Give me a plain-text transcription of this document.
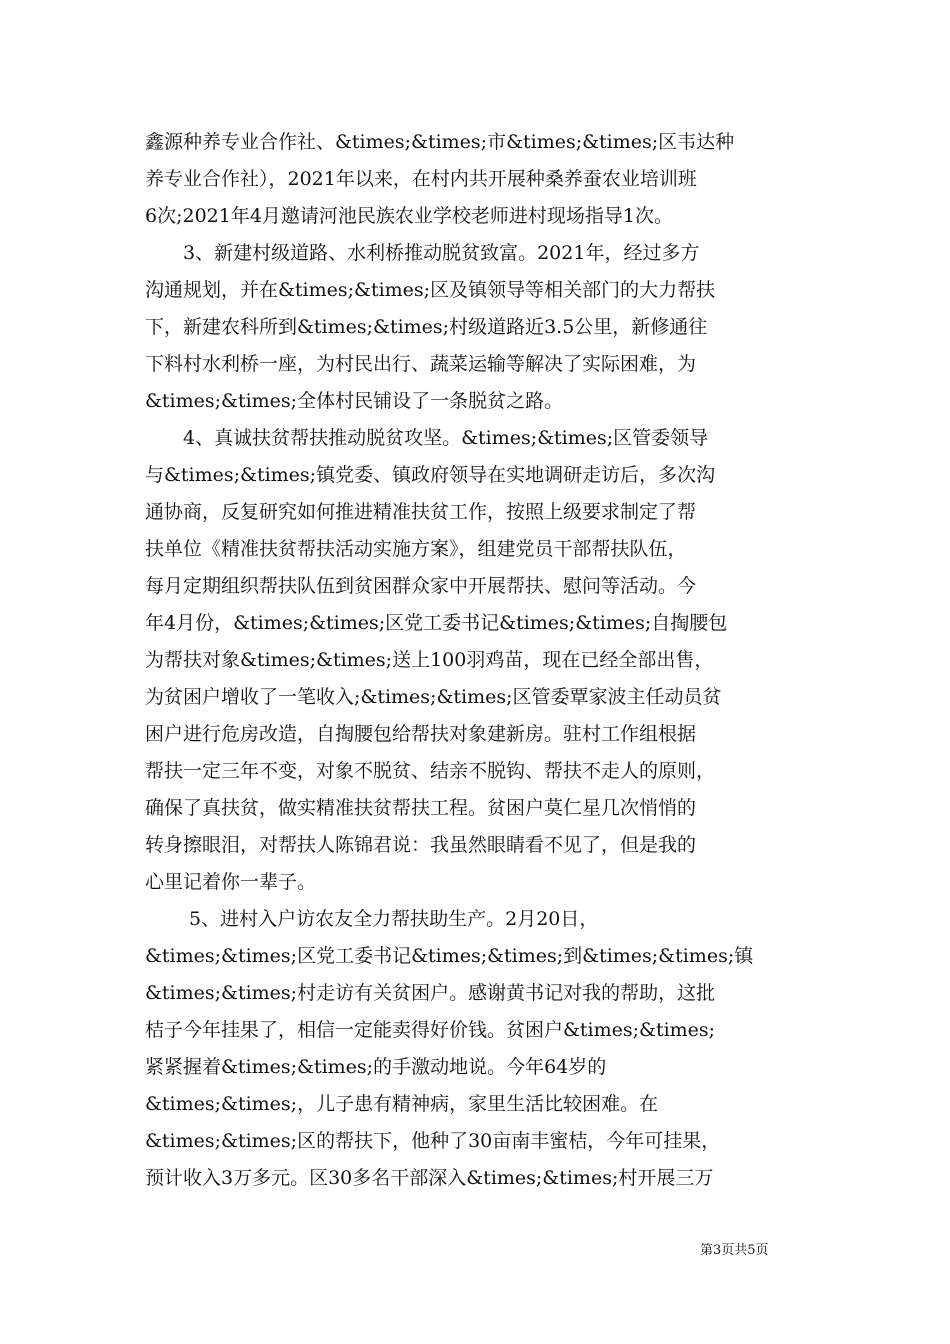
鑫源种养专业合作社、&times;&times;市&times;&times;区韦达种
养专业合作社），2021年以来，在村内共开展种桑养蚕农业培训班
6次;2021年4月邀请河池民族农业学校老师进村现场指导1次。
　　3、新建村级道路、水利桥推动脱贫致富。2021年，经过多方
沟通规划，并在&times;&times;区及镇领导等相关部门的大力帮扶
下，新建农科所到&times;&times;村级道路近3.5公里，新修通往
下料村水利桥一座，为村民出行、蔬菜运输等解决了实际困难，为
&times;&times;全体村民铺设了一条脱贫之路。
　　4、真诚扶贫帮扶推动脱贫攻坚。&times;&times;区管委领导
与&times;&times;镇党委、镇政府领导在实地调研走访后，多次沟
通协商，反复研究如何推进精准扶贫工作，按照上级要求制定了帮
扶单位《精准扶贫帮扶活动实施方案》，组建党员干部帮扶队伍，
每月定期组织帮扶队伍到贫困群众家中开展帮扶、慰问等活动。今
年4月份，&times;&times;区党工委书记&times;&times;自掏腰包
为帮扶对象&times;&times;送上100羽鸡苗，现在已经全部出售，
为贫困户增收了一笔收入;&times;&times;区管委覃家波主任动员贫
困户进行危房改造，自掏腰包给帮扶对象建新房。驻村工作组根据
帮扶一定三年不变，对象不脱贫、结亲不脱钩、帮扶不走人的原则，
确保了真扶贫，做实精准扶贫帮扶工程。贫困户莫仁星几次悄悄的
转身擦眼泪，对帮扶人陈锦君说：我虽然眼睛看不见了，但是我的
心里记着你一辈子。
　　 5、进村入户访农友全力帮扶助生产。2月20日，
&times;&times;区党工委书记&times;&times;到&times;&times;镇
&times;&times;村走访有关贫困户。感谢黄书记对我的帮助，这批
桔子今年挂果了，相信一定能卖得好价钱。贫困户&times;&times;
紧紧握着&times;&times;的手激动地说。今年64岁的
&times;&times;，儿子患有精神病，家里生活比较困难。在
&times;&times;区的帮扶下，他种了30亩南丰蜜桔，今年可挂果，
预计收入3万多元。区30多名干部深入&times;&times;村开展三万
第3页共5页
